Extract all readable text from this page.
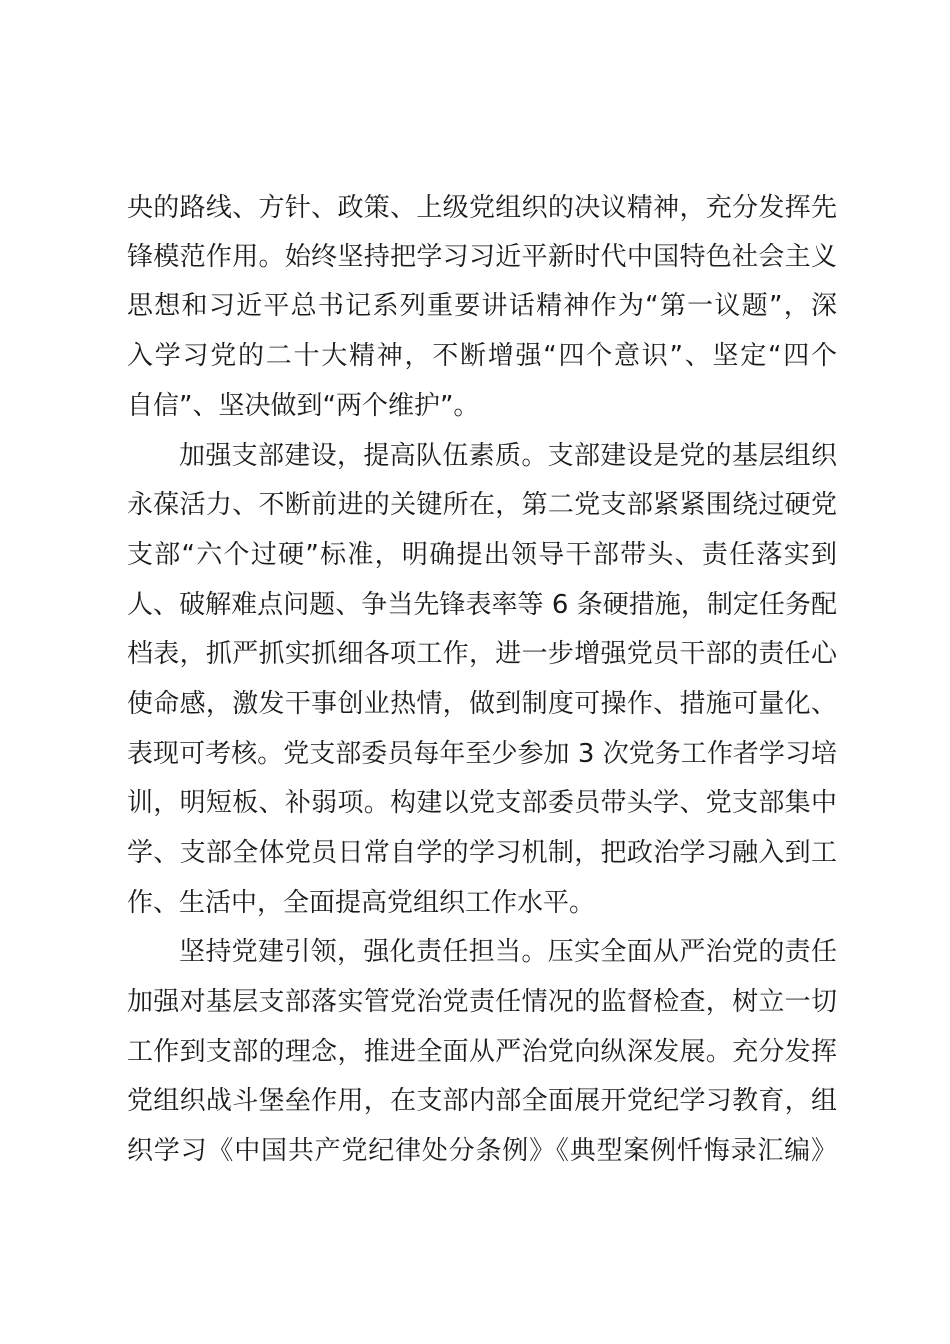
央的路线、方针、政策、上级党组织的决议精神，充分发挥先
锋模范作用。始终坚持把学习习近平新时代中国特色社会主义
思想和习近平总书记系列重要讲话精神作为“第一议题”，深
入学习党的二十大精神，不断增强“四个意识”、坚定“四个
自信”、坚决做到“两个维护”。
加强支部建设，提高队伍素质。支部建设是党的基层组织
永葆活力、不断前进的关键所在，第二党支部紧紧围绕过硬党
支部“六个过硬”标准，明确提出领导干部带头、责任落实到
人、破解难点问题、争当先锋表率等 6 条硬措施，制定任务配
档表，抓严抓实抓细各项工作，进一步增强党员干部的责任心
使命感，激发干事创业热情，做到制度可操作、措施可量化、
表现可考核。党支部委员每年至少参加 3 次党务工作者学习培
训，明短板、补弱项。构建以党支部委员带头学、党支部集中
学、支部全体党员日常自学的学习机制，把政治学习融入到工
作、生活中，全面提高党组织工作水平。
坚持党建引领，强化责任担当。压实全面从严治党的责任
加强对基层支部落实管党治党责任情况的监督检查，树立一切
工作到支部的理念，推进全面从严治党向纵深发展。充分发挥
党组织战斗堡垒作用，在支部内部全面展开党纪学习教育，组
织学习《中国共产党纪律处分条例》《典型案例忏悔录汇编》
